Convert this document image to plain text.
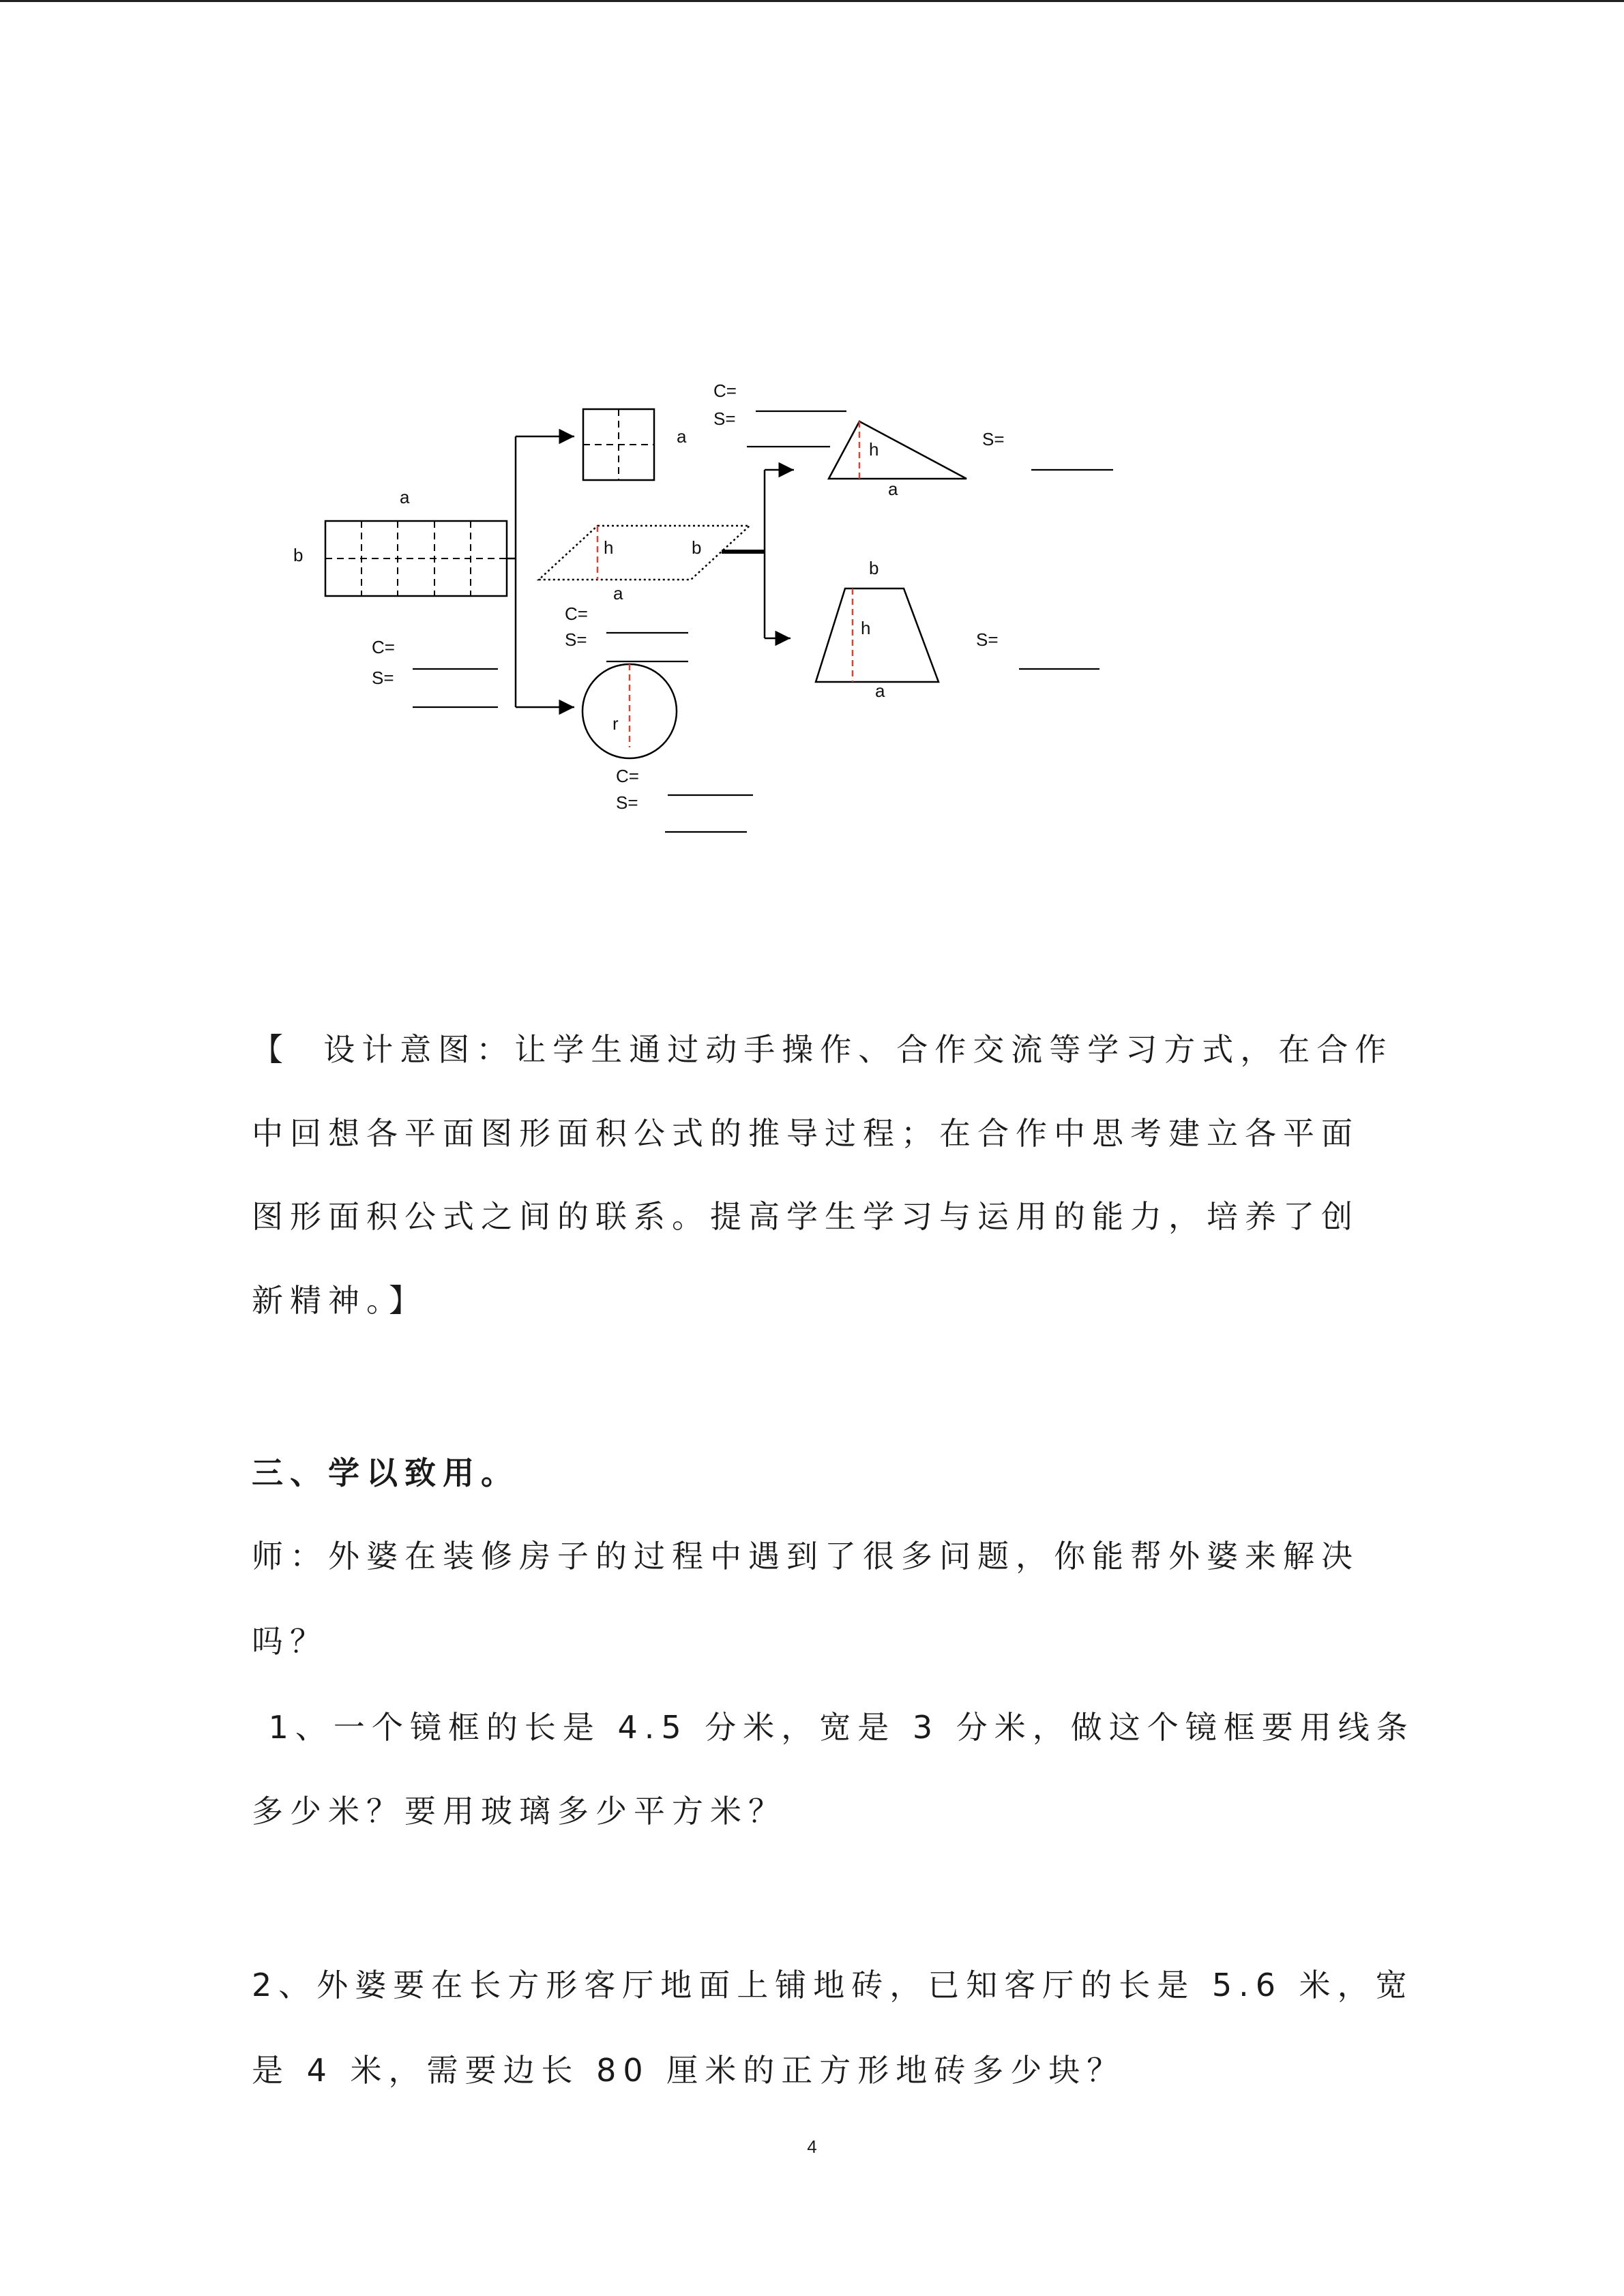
a
b
C=
S=
a
C=
S=
h	b
a
C=
S=
r
C=
S=
h
a
S=
b
h
a
S=
【  设计意图：让学生通过动手操作、合作交流等学习方式，在合作
中回想各平面图形面积公式的推导过程；在合作中思考建立各平面
图形面积公式之间的联系。提高学生学习与运用的能力，培养了创
新精神。】
三、学以致用。
师：外婆在装修房子的过程中遇到了很多问题，你能帮外婆来解决
吗？
1、一个镜框的长是 4.5 分米，宽是 3 分米，做这个镜框要用线条
多少米？要用玻璃多少平方米？
2、外婆要在长方形客厅地面上铺地砖，已知客厅的长是 5.6 米，宽
是 4 米，需要边长 80 厘米的正方形地砖多少块？
4
